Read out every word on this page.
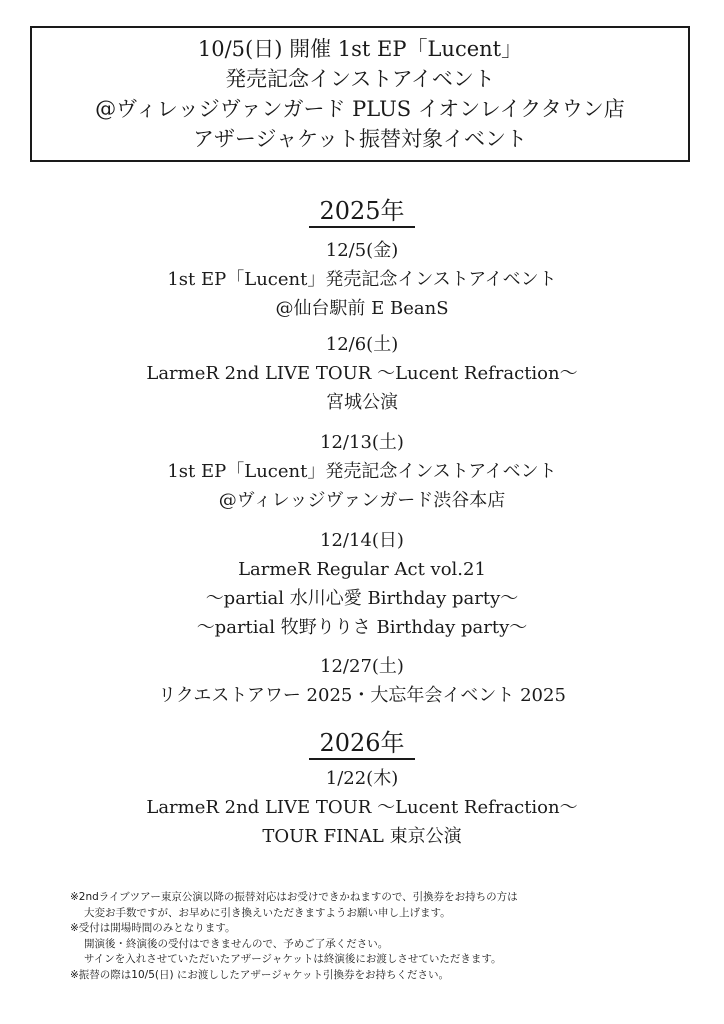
10/5(日) 開催 1st EP「Lucent」
発売記念インストアイベント
@ヴィレッジヴァンガード PLUS イオンレイクタウン店
アザージャケット振替対象イベント
2025年
12/5(金)
1st EP「Lucent」発売記念インストアイベント
@仙台駅前 E BeanS
12/6(土)
LarmeR 2nd LIVE TOUR 〜Lucent Refraction〜
宮城公演
12/13(土)
1st EP「Lucent」発売記念インストアイベント
@ヴィレッジヴァンガード渋谷本店
12/14(日)
LarmeR Regular Act vol.21
〜partial 水川心愛 Birthday party〜
〜partial 牧野りりさ Birthday party〜
12/27(土)
リクエストアワー 2025・大忘年会イベント 2025
2026年
1/22(木)
LarmeR 2nd LIVE TOUR 〜Lucent Refraction〜
TOUR FINAL 東京公演
※2ndライブツアー東京公演以降の振替対応はお受けできかねますので、引換券をお持ちの方は
大変お手数ですが、お早めに引き換えいただきますようお願い申し上げます。
※受付は開場時間のみとなります。
開演後・終演後の受付はできませんので、予めご了承ください。
サインを入れさせていただいたアザージャケットは終演後にお渡しさせていただきます。
※振替の際は10/5(日) にお渡ししたアザージャケット引換券をお持ちください。
